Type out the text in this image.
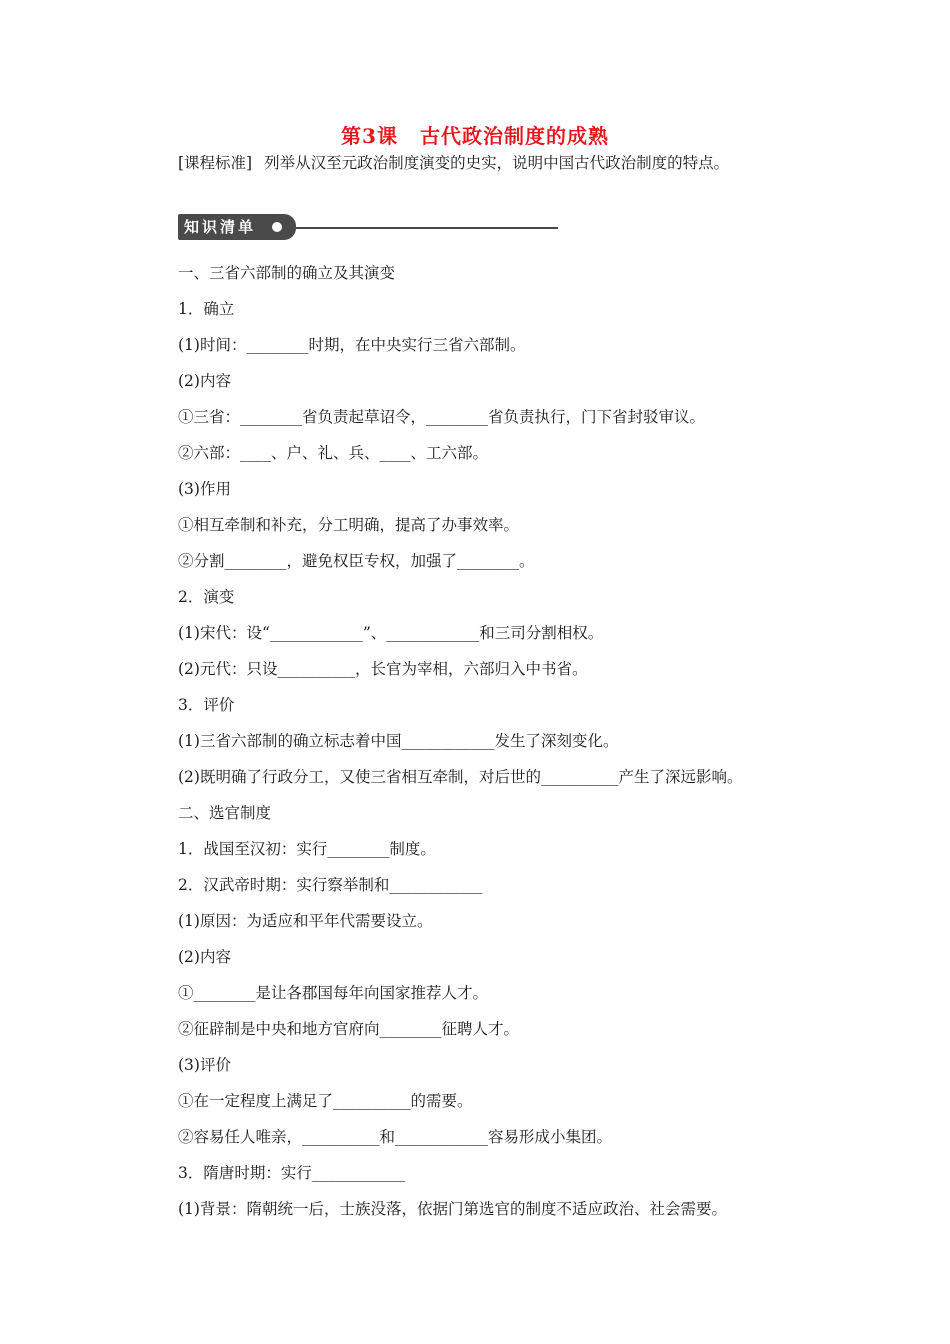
第3课 古代政治制度的成熟
[课程标准] 列举从汉至元政治制度演变的史实，说明中国古代政治制度的特点。
知识清单
一、三省六部制的确立及其演变
1．确立
(1)时间：________时期，在中央实行三省六部制。
(2)内容
①三省：________省负责起草诏令，________省负责执行，门下省封驳审议。
②六部：____、户、礼、兵、____、工六部。
(3)作用
①相互牵制和补充，分工明确，提高了办事效率。
②分割________，避免权臣专权，加强了________。
2．演变
(1)宋代：设“____________”、____________和三司分割相权。
(2)元代：只设__________，长官为宰相，六部归入中书省。
3．评价
(1)三省六部制的确立标志着中国____________发生了深刻变化。
(2)既明确了行政分工，又使三省相互牵制，对后世的__________产生了深远影响。
二、选官制度
1．战国至汉初：实行________制度。
2．汉武帝时期：实行察举制和____________
(1)原因：为适应和平年代需要设立。
(2)内容
①________是让各郡国每年向国家推荐人才。
②征辟制是中央和地方官府向________征聘人才。
(3)评价
①在一定程度上满足了__________的需要。
②容易任人唯亲，__________和____________容易形成小集团。
3．隋唐时期：实行____________
(1)背景：隋朝统一后，士族没落，依据门第选官的制度不适应政治、社会需要。
